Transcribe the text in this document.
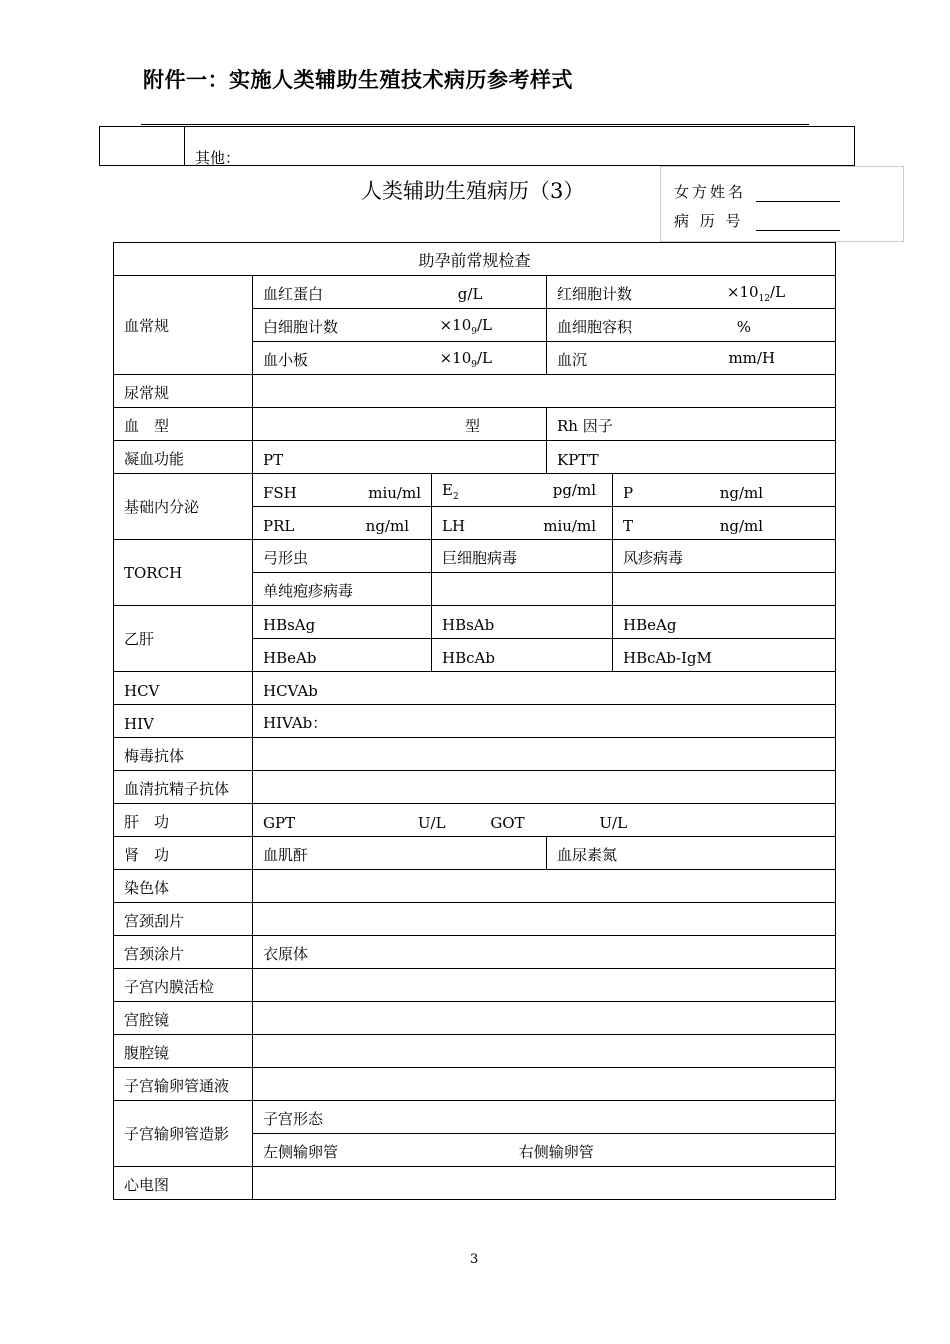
附件一：实施人类辅助生殖技术病历参考样式
其他：
人类辅助生殖病历（3）	女方姓名
病 历 号
助孕前常规检查				
血常规	血红蛋白 g/L		红细胞计数 $\times 10_{12}/L$	

	白细胞计数 $\times 10_9/L$		血细胞容积 %	
	血小板 $\times 10_9/L$		血沉 mm/H	

尿常规				
血　型	型		Rh 因子	
凝血功能	PT		KPTT	
基础内分泌	FSH miu/ml	$E_2$ pg/ml		P ng/ml

	PRL ng/ml	LH miu/ml		T ng/ml

TORCH	弓形虫	巨细胞病毒		风疹病毒
	单纯疱疹病毒			
乙肝	HBsAg	HBsAb		HBeAg
	HBeAb	HBcAb		HBcAb-IgM
HCV	HCVAb			
HIV	HIVAb：			
梅毒抗体				
血清抗精子抗体				
肝　功	GPT U/L GOT U/L			
肾　功	血肌酐		血尿素氮	
染色体				
宫颈刮片				
宫颈涂片	衣原体			
子宫内膜活检				
宫腔镜				
腹腔镜				
子宫输卵管通液				
子宫输卵管造影	子宫形态			
	左侧输卵管 右侧输卵管			
心电图				
3
